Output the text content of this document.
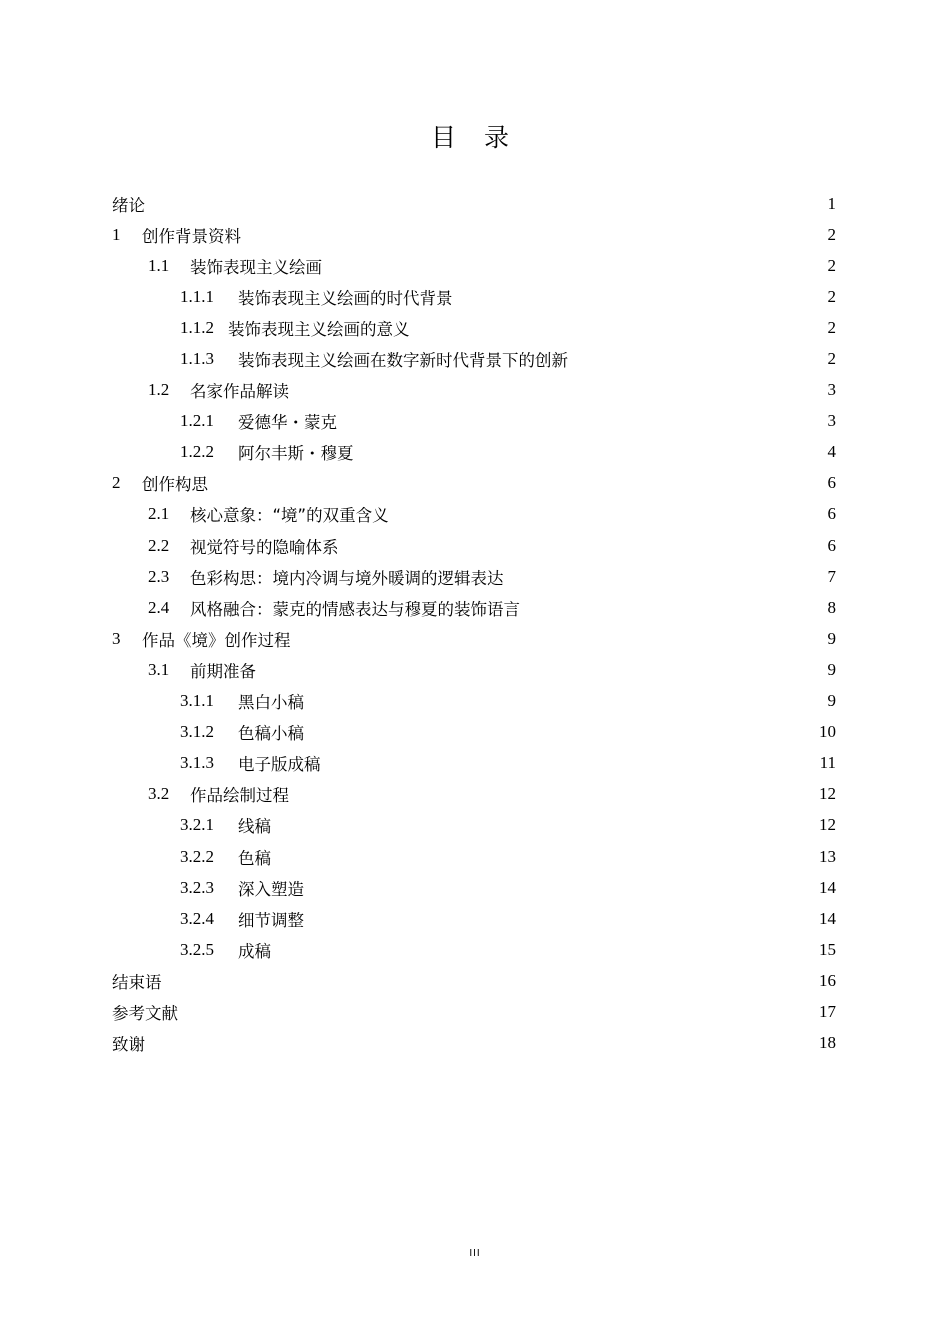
目 录
绪论	1
1	创作背景资料	2
1.1	装饰表现主义绘画	2
1.1.1	装饰表现主义绘画的时代背景	2
1.1.2 装饰表现主义绘画的意义	2
1.1.3	装饰表现主义绘画在数字新时代背景下的创新	2
1.2	名家作品解读	3
1.2.1	爱德华・蒙克	3
1.2.2	阿尔丰斯・穆夏	4
2	创作构思	6
2.1	核心意象：“境”的双重含义	6
2.2	视觉符号的隐喻体系	6
2.3	色彩构思：境内冷调与境外暖调的逻辑表达	7
2.4	风格融合：蒙克的情感表达与穆夏的装饰语言	8
3	作品《境》创作过程	9
3.1	前期准备	9
3.1.1	黑白小稿	9
3.1.2	色稿小稿	10
3.1.3	电子版成稿	11
3.2	作品绘制过程	12
3.2.1	线稿	12
3.2.2	色稿	13
3.2.3	深入塑造	14
3.2.4	细节调整	14
3.2.5	成稿	15
结束语	16
参考文献	17
致谢	18
III
